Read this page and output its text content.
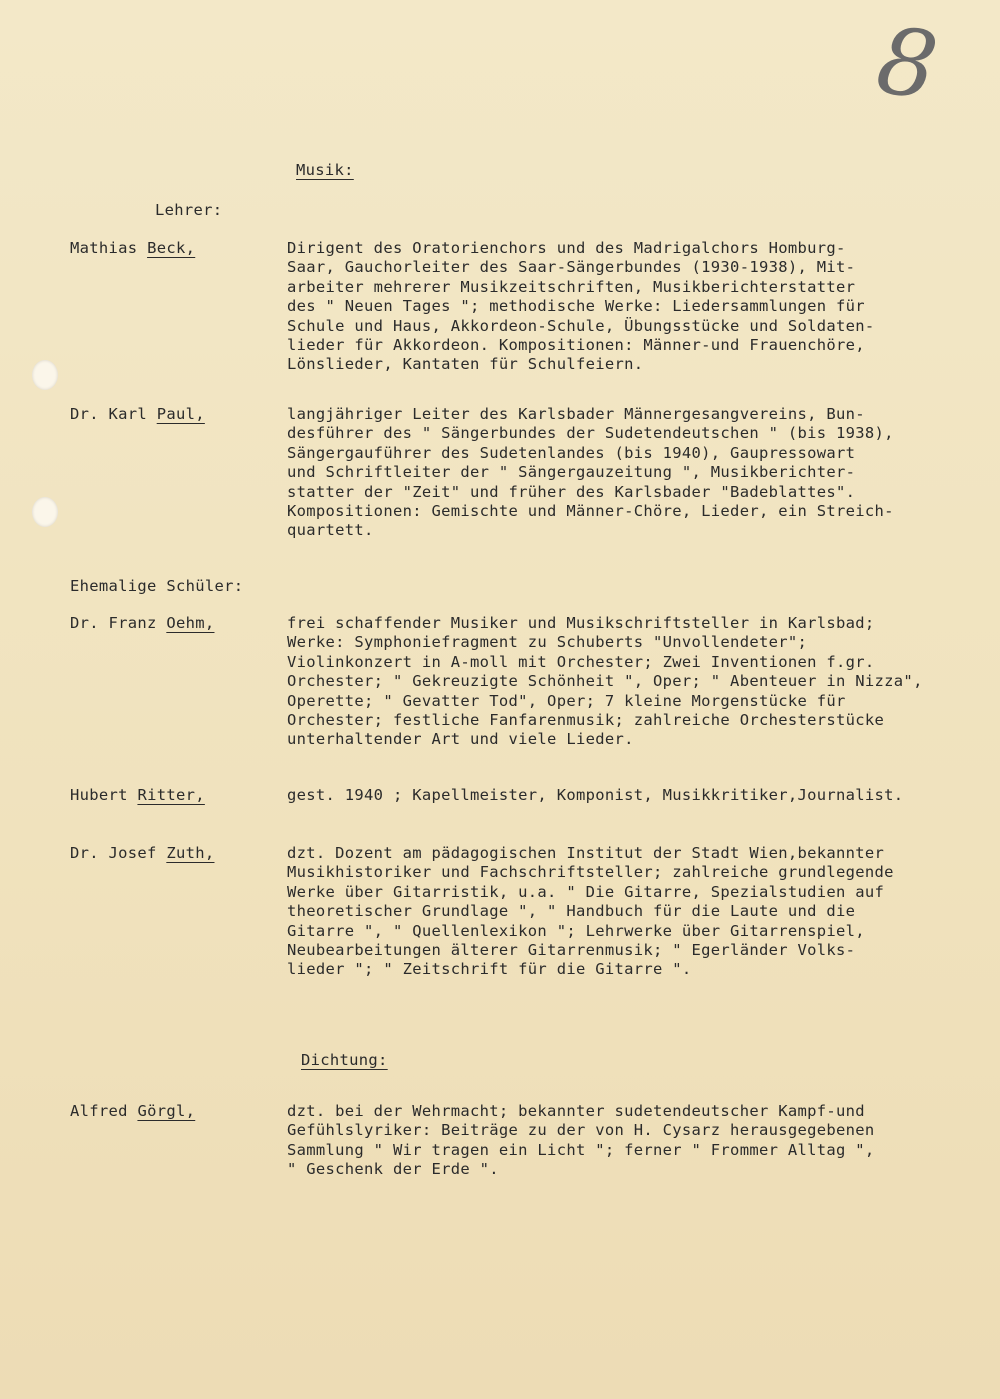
8
Musik:
Lehrer:
Mathias Beck,	Dirigent des Oratorienchors und des Madrigalchors Homburg-
Saar, Gauchorleiter des Saar-Sängerbundes (1930-1938), Mit-
arbeiter mehrerer Musikzeitschriften, Musikberichterstatter
des " Neuen Tages "; methodische Werke: Liedersammlungen für
Schule und Haus, Akkordeon-Schule, Übungsstücke und Soldaten-
lieder für Akkordeon. Kompositionen: Männer-und Frauenchöre,
Lönslieder, Kantaten für Schulfeiern.
Dr. Karl Paul,	langjähriger Leiter des Karlsbader Männergesangvereins, Bun-
desführer des " Sängerbundes der Sudetendeutschen " (bis 1938),
Sängergauführer des Sudetenlandes (bis 1940), Gaupressowart
und Schriftleiter der " Sängergauzeitung ", Musikberichter-
statter der "Zeit" und früher des Karlsbader "Badeblattes".
Kompositionen: Gemischte und Männer-Chöre, Lieder, ein Streich-
quartett.
Ehemalige Schüler:
Dr. Franz Oehm,	frei schaffender Musiker und Musikschriftsteller in Karlsbad;
Werke: Symphoniefragment zu Schuberts "Unvollendeter";
Violinkonzert in A-moll mit Orchester; Zwei Inventionen f.gr.
Orchester; " Gekreuzigte Schönheit ", Oper; " Abenteuer in Nizza",
Operette; " Gevatter Tod", Oper; 7 kleine Morgenstücke für
Orchester; festliche Fanfarenmusik; zahlreiche Orchesterstücke
unterhaltender Art und viele Lieder.
Hubert Ritter,	gest. 1940 ; Kapellmeister, Komponist, Musikkritiker,Journalist.
Dr. Josef Zuth,	dzt. Dozent am pädagogischen Institut der Stadt Wien,bekannter
Musikhistoriker und Fachschriftsteller; zahlreiche grundlegende
Werke über Gitarristik, u.a. " Die Gitarre, Spezialstudien auf
theoretischer Grundlage ", " Handbuch für die Laute und die
Gitarre ", " Quellenlexikon "; Lehrwerke über Gitarrenspiel,
Neubearbeitungen älterer Gitarrenmusik; " Egerländer Volks-
lieder "; " Zeitschrift für die Gitarre ".
Dichtung:
Alfred Görgl,	dzt. bei der Wehrmacht; bekannter sudetendeutscher Kampf-und
Gefühlslyriker: Beiträge zu der von H. Cysarz herausgegebenen
Sammlung " Wir tragen ein Licht "; ferner " Frommer Alltag ",
" Geschenk der Erde ".
